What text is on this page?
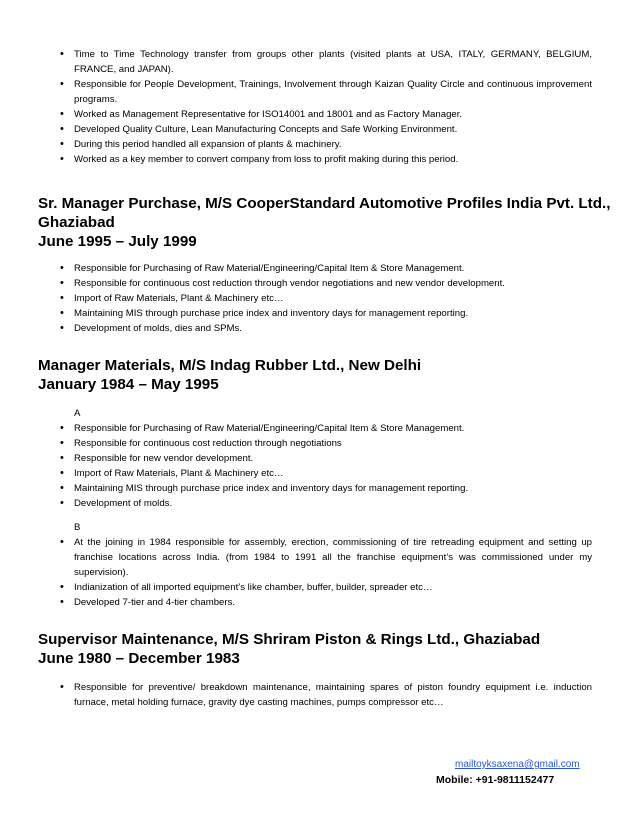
• Time to Time Technology transfer from groups other plants (visited plants at USA, ITALY, GERMANY, BELGIUM, FRANCE, and JAPAN).
• Responsible for People Development, Trainings, Involvement through Kaizan Quality Circle and continuous improvement programs.
• Worked as Management Representative for ISO14001 and 18001 and as Factory Manager.
• Developed Quality Culture, Lean Manufacturing Concepts and Safe Working Environment.
• During this period handled all expansion of plants & machinery.
• Worked as a key member to convert company from loss to profit making during this period.
Sr. Manager Purchase, M/S CooperStandard Automotive Profiles India Pvt. Ltd.,
Ghaziabad
June 1995 – July 1999
• Responsible for Purchasing of Raw Material/Engineering/Capital Item & Store Management.
• Responsible for continuous cost reduction through vendor negotiations and new vendor development.
• Import of Raw Materials, Plant & Machinery etc…
• Maintaining MIS through purchase price index and inventory days for management reporting.
• Development of molds, dies and SPMs.
Manager Materials, M/S Indag Rubber Ltd., New Delhi
January 1984 – May 1995
A
• Responsible for Purchasing of Raw Material/Engineering/Capital Item & Store Management.
• Responsible for continuous cost reduction through negotiations
• Responsible for new vendor development.
• Import of Raw Materials, Plant & Machinery etc…
• Maintaining MIS through purchase price index and inventory days for management reporting.
• Development of molds.
B
• At the joining in 1984 responsible for assembly, erection, commissioning of tire retreading equipment and setting up franchise locations across India. (from 1984 to 1991 all the franchise equipment’s was commissioned under my supervision).
• Indianization of all imported equipment’s like chamber, buffer, builder, spreader etc…
• Developed 7-tier and 4-tier chambers.
Supervisor Maintenance, M/S Shriram Piston & Rings Ltd., Ghaziabad
June 1980 – December 1983
• Responsible for preventive/ breakdown maintenance, maintaining spares of piston foundry equipment i.e. induction furnace, metal holding furnace, gravity dye casting machines, pumps compressor etc…
mailtoyksaxena@gmail.com
Mobile: +91-9811152477
